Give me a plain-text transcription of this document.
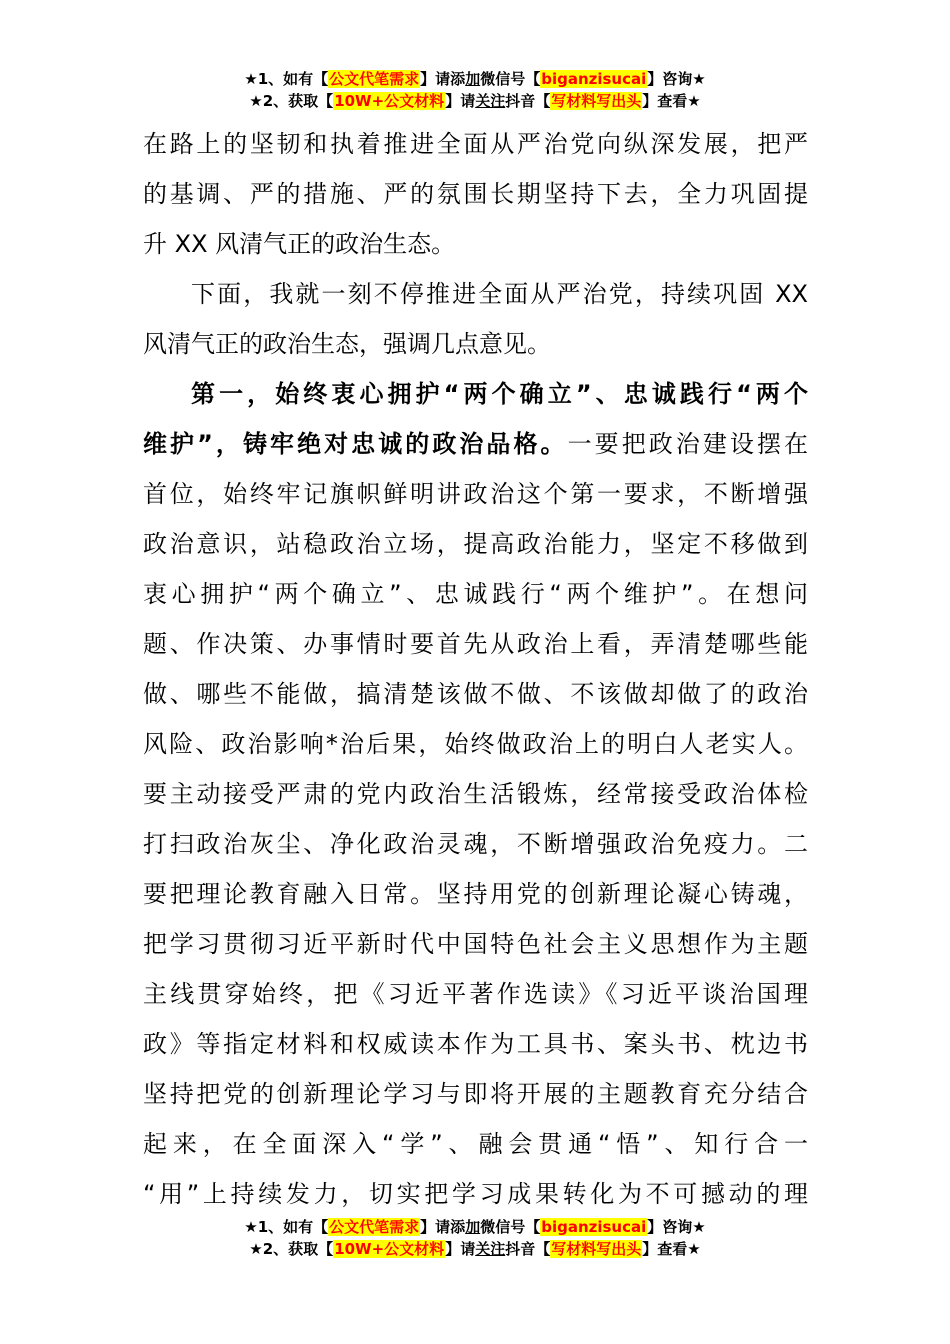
★1、如有【公文代笔需求】请添加微信号【biganzisucai】咨询★
★2、获取【10W+公文材料】请关注抖音【写材料写出头】查看★
在路上的坚韧和执着推进全面从严治党向纵深发展，把严
的基调、严的措施、严的氛围长期坚持下去，全力巩固提
升 XX 风清气正的政治生态。
下面，我就一刻不停推进全面从严治党，持续巩固 XX
风清气正的政治生态，强调几点意见。
第一，始终衷心拥护“两个确立”、忠诚践行“两个
维护”，铸牢绝对忠诚的政治品格。一要把政治建设摆在
首位，始终牢记旗帜鲜明讲政治这个第一要求，不断增强
政治意识，站稳政治立场，提高政治能力，坚定不移做到
衷心拥护“两个确立”、忠诚践行“两个维护”。在想问
题、作决策、办事情时要首先从政治上看，弄清楚哪些能
做、哪些不能做，搞清楚该做不做、不该做却做了的政治
风险、政治影响*治后果，始终做政治上的明白人老实人。
要主动接受严肃的党内政治生活锻炼，经常接受政治体检
打扫政治灰尘、净化政治灵魂，不断增强政治免疫力。二
要把理论教育融入日常。坚持用党的创新理论凝心铸魂，
把学习贯彻习近平新时代中国特色社会主义思想作为主题
主线贯穿始终，把《习近平著作选读》《习近平谈治国理
政》等指定材料和权威读本作为工具书、案头书、枕边书
坚持把党的创新理论学习与即将开展的主题教育充分结合
起来，在全面深入“学”、融会贯通“悟”、知行合一
“用”上持续发力，切实把学习成果转化为不可撼动的理
★1、如有【公文代笔需求】请添加微信号【biganzisucai】咨询★
★2、获取【10W+公文材料】请关注抖音【写材料写出头】查看★
